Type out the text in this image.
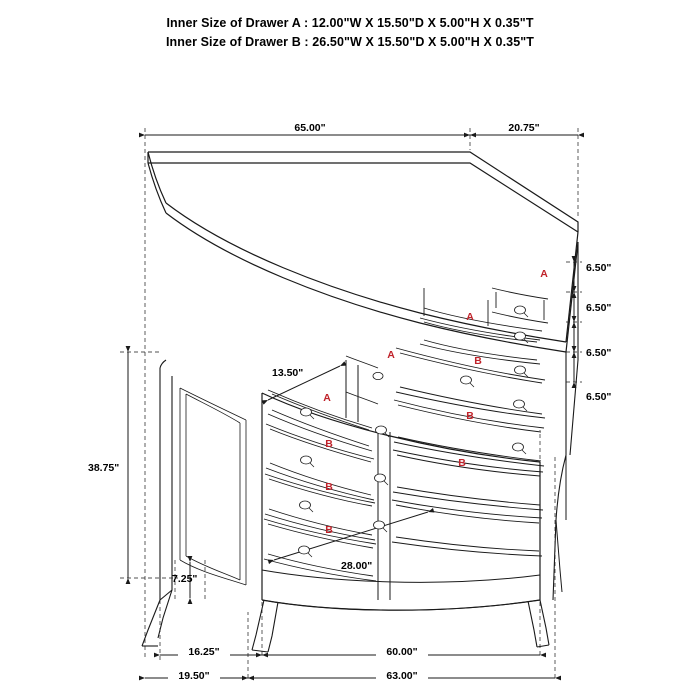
Inner Size of Drawer A : 12.00"W X 15.50"D X 5.00"H X 0.35"T
Inner Size of Drawer B : 26.50"W X 15.50"D X 5.00"H X 0.35"T
65.00"	20.75"
6.50"
6.50"
6.50"
6.50"
38.75"
7.25"
13.50"
28.00"
16.25"	60.00"
19.50"	63.00"
A
A
A
A
B
B
B
B
B
B
